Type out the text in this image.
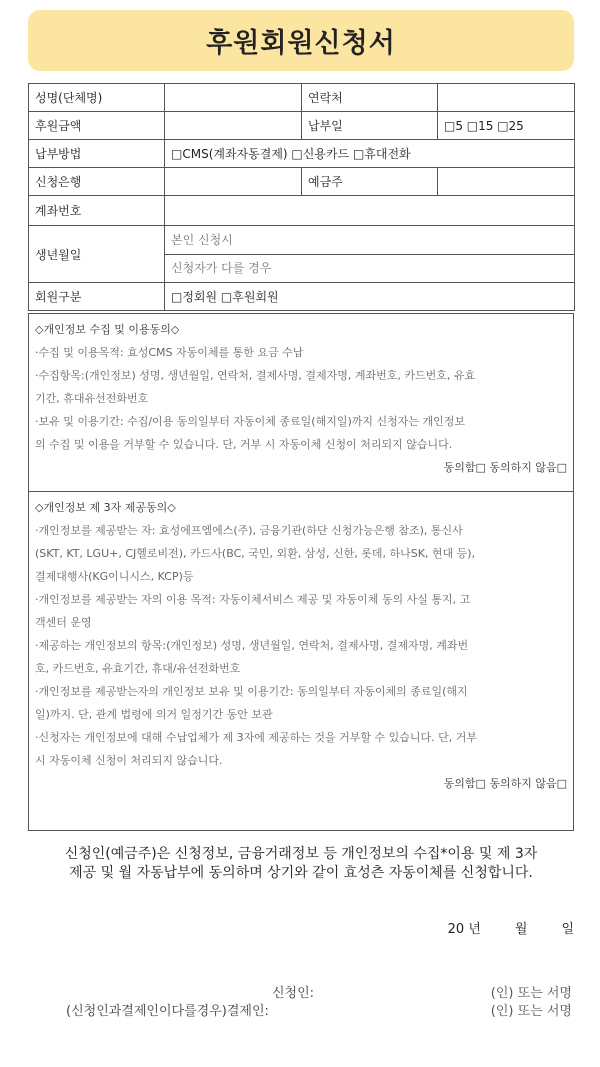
후원회원신청서
성명(단체명)		연락처	
후원금액		납부일	□5 □15 □25
납부방법	□CMS(계좌자동결제) □신용카드 □휴대전화		
신청은행		예금주	
계좌번호			
생년월일	본인 신청시
신청자가 다를 경우		

회원구분	□정회원 □후원회원		
◇개인정보 수집 및 이용동의◇
·수집 및 이용목적: 효성CMS 자동이체를 통한 요금 수납
·수집항목:(개인정보) 성명, 생년월일, 연락처, 결제사명, 결제자명, 계좌번호, 카드번호, 유효
기간, 휴대유선전화번호
·보유 및 이용기간: 수집/이용 동의일부터 자동이체 종료일(해지일)까지 신청자는 개인정보
의 수집 및 이용을 거부할 수 있습니다. 단, 거부 시 자동이체 신청이 처리되지 않습니다.
동의함□ 동의하지 않음□
◇개인정보 제 3자 제공동의◇
·개인정보를 제공받는 자: 효성에프엠에스(주), 금융기관(하단 신청가능은행 참조), 통신사
(SKT, KT, LGU+, CJ헬로비전), 카드사(BC, 국민, 외환, 삼성, 신한, 롯데, 하나SK, 현대 등),
결제대행사(KG이니시스, KCP)등
·개인정보를 제공받는 자의 이용 목적: 자동이체서비스 제공 및 자동이체 동의 사실 통지, 고
객센터 운영
·제공하는 개인정보의 항목:(개인정보) 성명, 생년월일, 연락처, 결제사명, 결제자명, 계좌번
호, 카드번호, 유효기간, 휴대/유선전화번호
·개인정보를 제공받는자의 개인정보 보유 및 이용기간: 동의일부터 자동이체의 종료일(해지
일)까지. 단, 관계 법령에 의거 일정기간 동안 보관
·신청자는 개인정보에 대해 수납업체가 제 3자에 제공하는 것을 거부할 수 있습니다. 단, 거부
시 자동이체 신청이 처리되지 않습니다.
동의함□ 동의하지 않음□
신청인(예금주)은 신청정보, 금융거래정보 등 개인정보의 수집*이용 및 제 3자
제공 및 월 자동납부에 동의하며 상기와 같이 효성츤 자동이체를 신청합니다.
20 년	월	일
신청인:	(인) 또는 서명
(신청인과결제인이다를경우)결제인:	(인) 또는 서명
